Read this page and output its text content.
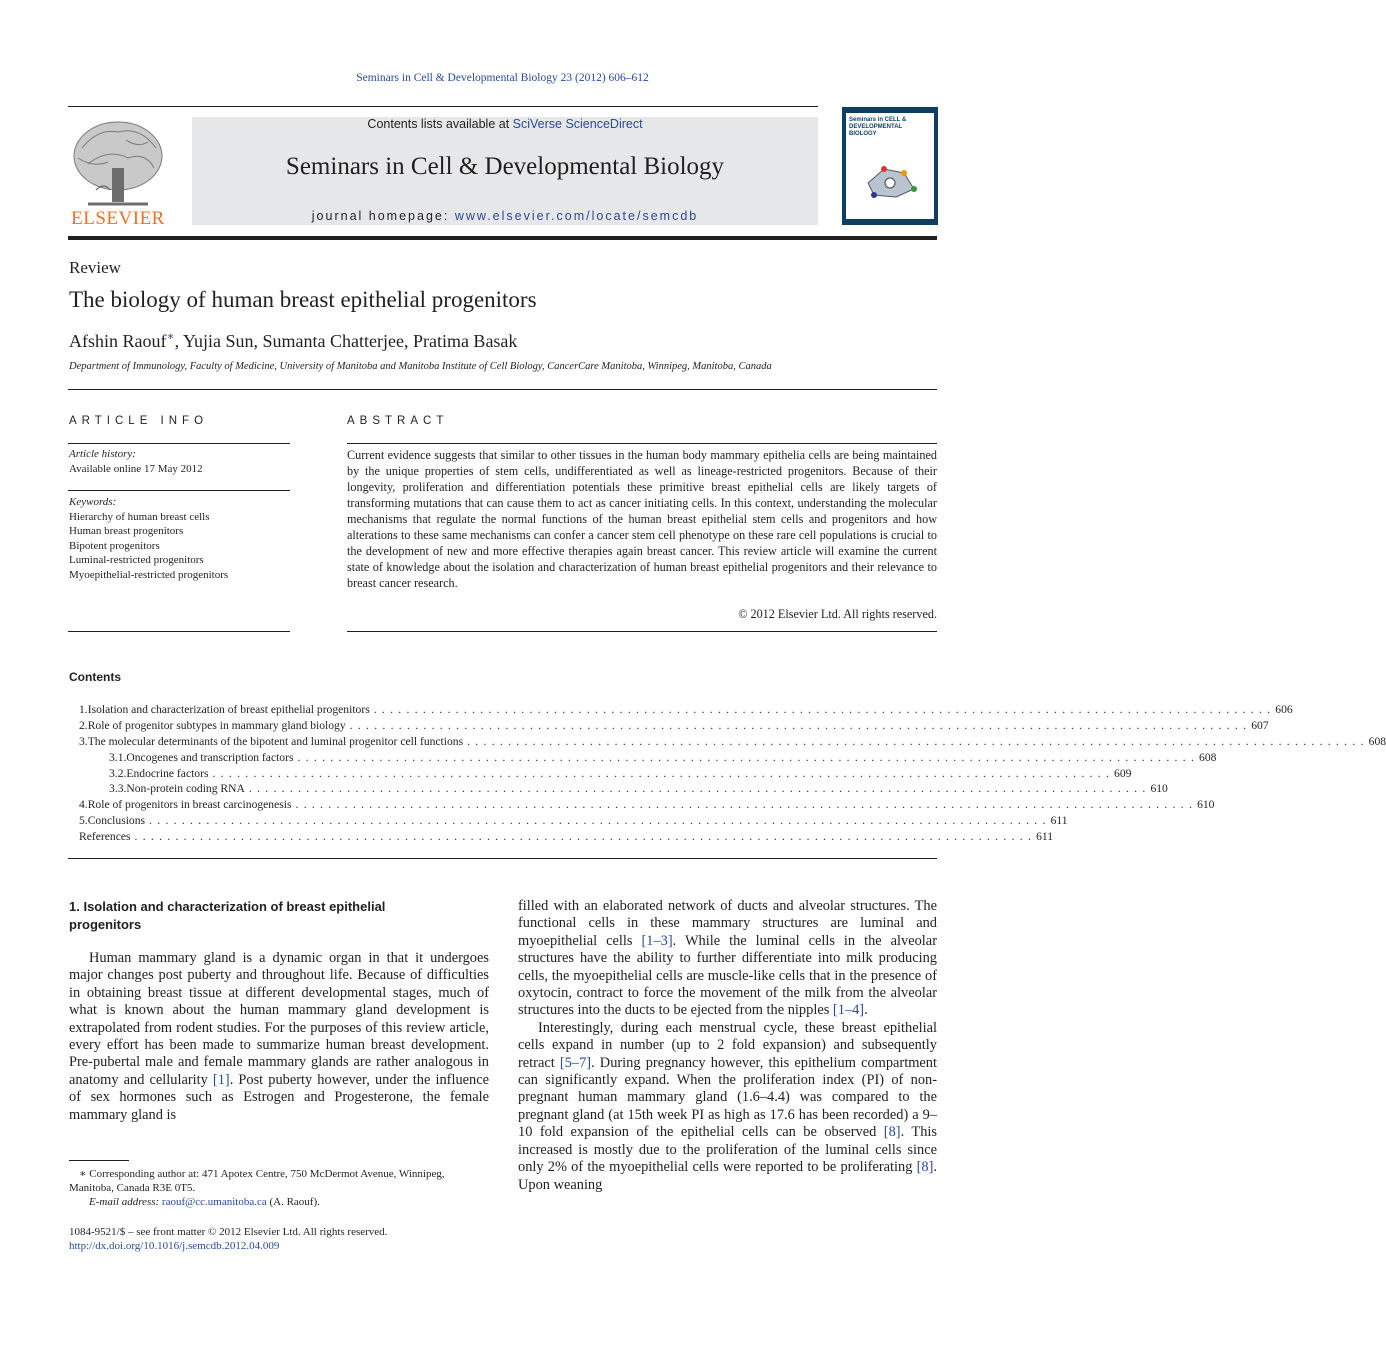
Seminars in Cell & Developmental Biology 23 (2012) 606–612
ELSEVIER
Contents lists available at SciVerse ScienceDirect
Seminars in Cell & Developmental Biology
journal homepage: www.elsevier.com/locate/semcdb
Seminars in CELL & DEVELOPMENTAL BIOLOGY
Review
The biology of human breast epithelial progenitors
Afshin Raouf∗, Yujia Sun, Sumanta Chatterjee, Pratima Basak
Department of Immunology, Faculty of Medicine, University of Manitoba and Manitoba Institute of Cell Biology, CancerCare Manitoba, Winnipeg, Manitoba, Canada
ARTICLE INFO
Article history:
Available online 17 May 2012
Keywords:
Hierarchy of human breast cells
Human breast progenitors
Bipotent progenitors
Luminal-restricted progenitors
Myoepithelial-restricted progenitors
ABSTRACT
Current evidence suggests that similar to other tissues in the human body mammary epithelia cells are being maintained by the unique properties of stem cells, undifferentiated as well as lineage-restricted progenitors. Because of their longevity, proliferation and differentiation potentials these primitive breast epithelial cells are likely targets of transforming mutations that can cause them to act as cancer initiating cells. In this context, understanding the molecular mechanisms that regulate the normal functions of the human breast epithelial stem cells and progenitors and how alterations to these same mechanisms can confer a cancer stem cell phenotype on these rare cell populations is crucial to the development of new and more effective therapies again breast cancer. This review article will examine the current state of knowledge about the isolation and characterization of human breast epithelial progenitors and their relevance to breast cancer research.
© 2012 Elsevier Ltd. All rights reserved.
Contents
1. Isolation and characterization of breast epithelial progenitors . . . . . . . . . . . . . . . . . . . . . . . . . . . . . . . . . . . . . . . . . . . . . . . . . . . . . . . . . . . . . . . . . . . . . . . . . . . . . . . . . . . . . . . . . . . . . . . . . . . . . . . . . . . . . . 606
2. Role of progenitor subtypes in mammary gland biology . . . . . . . . . . . . . . . . . . . . . . . . . . . . . . . . . . . . . . . . . . . . . . . . . . . . . . . . . . . . . . . . . . . . . . . . . . . . . . . . . . . . . . . . . . . . . . . . . . . . . . . . . . . . . . 607
3. The molecular determinants of the bipotent and luminal progenitor cell functions . . . . . . . . . . . . . . . . . . . . . . . . . . . . . . . . . . . . . . . . . . . . . . . . . . . . . . . . . . . . . . . . . . . . . . . . . . . . . . . . . . . . . . . . . . . . . . . . . . . . . . . . . . . . . . 608
3.1. Oncogenes and transcription factors . . . . . . . . . . . . . . . . . . . . . . . . . . . . . . . . . . . . . . . . . . . . . . . . . . . . . . . . . . . . . . . . . . . . . . . . . . . . . . . . . . . . . . . . . . . . . . . . . . . . . . . . . . . . . . 608
3.2. Endocrine factors . . . . . . . . . . . . . . . . . . . . . . . . . . . . . . . . . . . . . . . . . . . . . . . . . . . . . . . . . . . . . . . . . . . . . . . . . . . . . . . . . . . . . . . . . . . . . . . . . . . . . . . . . . . . . . 609
3.3. Non-protein coding RNA . . . . . . . . . . . . . . . . . . . . . . . . . . . . . . . . . . . . . . . . . . . . . . . . . . . . . . . . . . . . . . . . . . . . . . . . . . . . . . . . . . . . . . . . . . . . . . . . . . . . . . . . . . . . . . 610
4. Role of progenitors in breast carcinogenesis . . . . . . . . . . . . . . . . . . . . . . . . . . . . . . . . . . . . . . . . . . . . . . . . . . . . . . . . . . . . . . . . . . . . . . . . . . . . . . . . . . . . . . . . . . . . . . . . . . . . . . . . . . . . . . 610
5. Conclusions . . . . . . . . . . . . . . . . . . . . . . . . . . . . . . . . . . . . . . . . . . . . . . . . . . . . . . . . . . . . . . . . . . . . . . . . . . . . . . . . . . . . . . . . . . . . . . . . . . . . . . . . . . . . . . 611
References . . . . . . . . . . . . . . . . . . . . . . . . . . . . . . . . . . . . . . . . . . . . . . . . . . . . . . . . . . . . . . . . . . . . . . . . . . . . . . . . . . . . . . . . . . . . . . . . . . . . . . . . . . . . . . 611
1. Isolation and characterization of breast epithelial
progenitors

Human mammary gland is a dynamic organ in that it undergoes major changes post puberty and throughout life. Because of difficulties in obtaining breast tissue at different developmental stages, much of what is known about the human mammary gland development is extrapolated from rodent studies. For the purposes of this review article, every effort has been made to summarize human breast development. Pre-pubertal male and female mammary glands are rather analogous in anatomy and cellularity [1]. Post puberty however, under the influence of sex hormones such as Estrogen and Progesterone, the female mammary gland is

filled with an elaborated network of ducts and alveolar structures. The functional cells in these mammary structures are luminal and myoepithelial cells [1–3]. While the luminal cells in the alveolar structures have the ability to further differentiate into milk producing cells, the myoepithelial cells are muscle-like cells that in the presence of oxytocin, contract to force the movement of the milk from the alveolar structures into the ducts to be ejected from the nipples [1–4].

Interestingly, during each menstrual cycle, these breast epithelial cells expand in number (up to 2 fold expansion) and subsequently retract [5–7]. During pregnancy however, this epithelium compartment can significantly expand. When the proliferation index (PI) of non-pregnant human mammary gland (1.6–4.4) was compared to the pregnant gland (at 15th week PI as high as 17.6 has been recorded) a 9–10 fold expansion of the epithelial cells can be observed [8]. This increased is mostly due to the proliferation of the luminal cells since only 2% of the myoepithelial cells were reported to be proliferating [8]. Upon weaning

∗ Corresponding author at: 471 Apotex Centre, 750 McDermot Avenue, Winnipeg, Manitoba, Canada R3E 0T5.
E-mail address: raouf@cc.umanitoba.ca (A. Raouf).
1084-9521/$ – see front matter © 2012 Elsevier Ltd. All rights reserved.
http://dx.doi.org/10.1016/j.semcdb.2012.04.009
